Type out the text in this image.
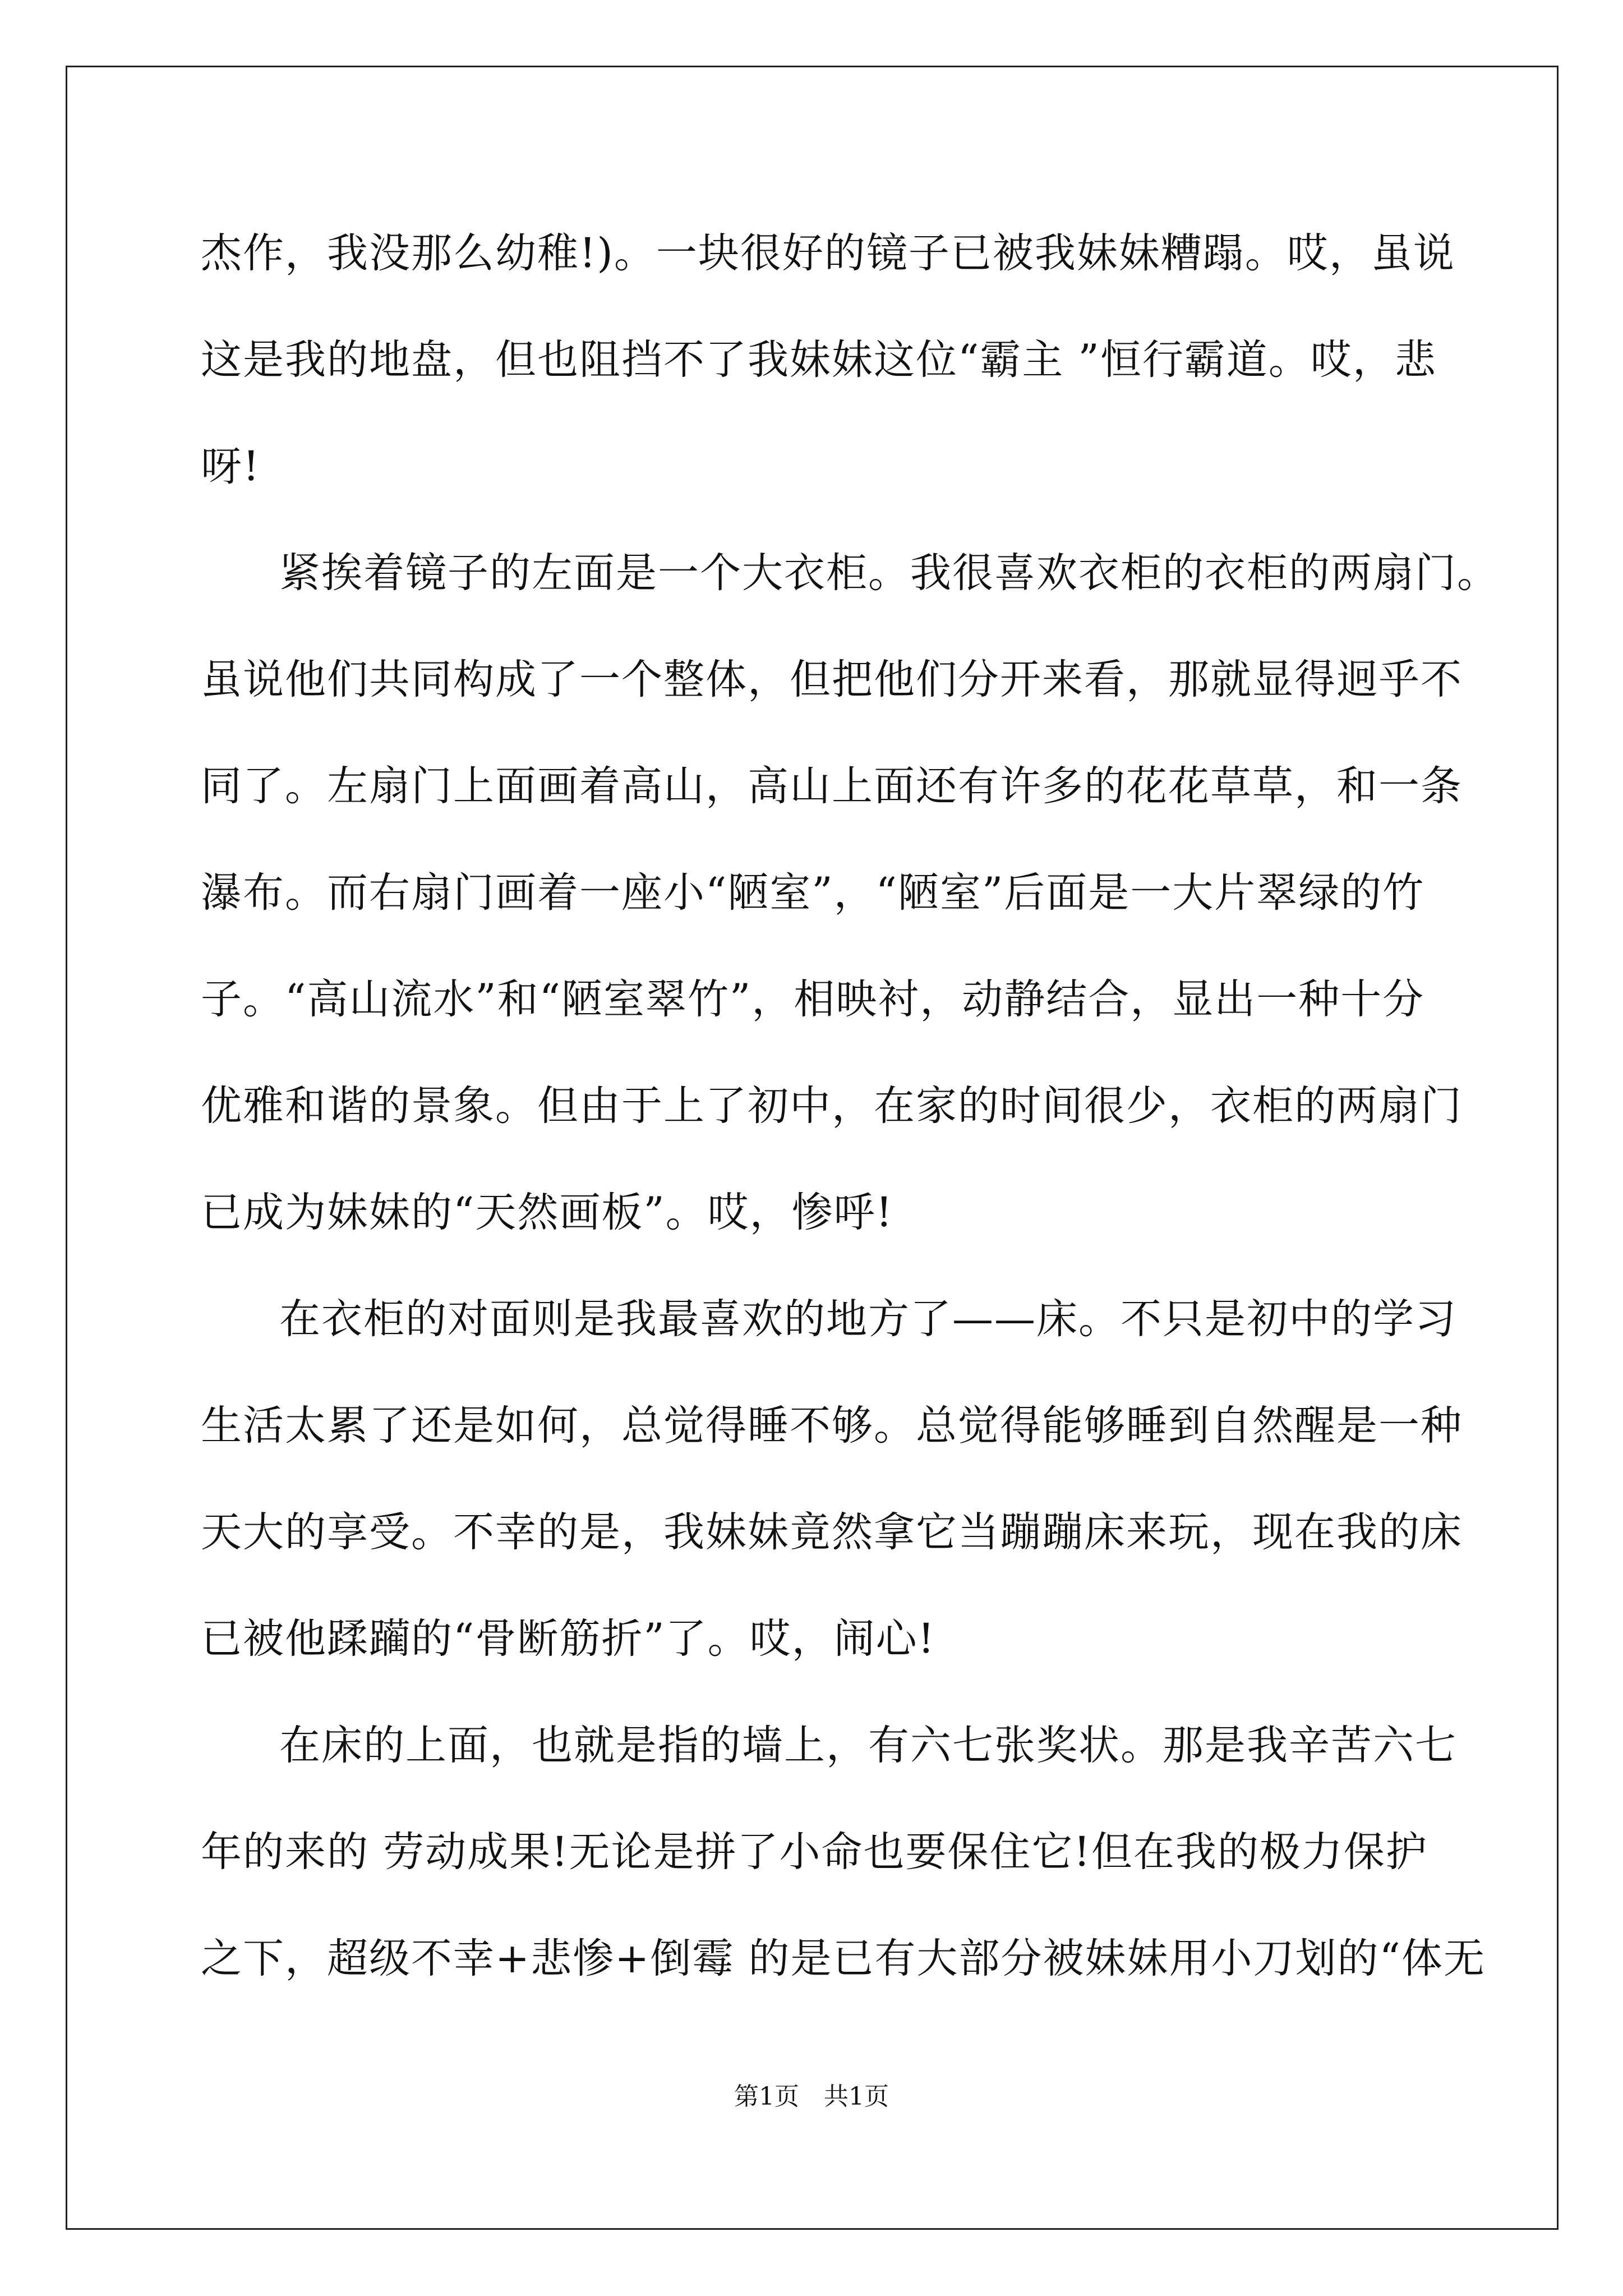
杰作，我没那么幼稚!)。一块很好的镜子已被我妹妹糟蹋。哎，虽说
这是我的地盘，但也阻挡不了我妹妹这位“霸主 ”恒行霸道。哎，悲
呀!
紧挨着镜子的左面是一个大衣柜。我很喜欢衣柜的衣柜的两扇门。
虽说他们共同构成了一个整体，但把他们分开来看，那就显得迥乎不
同了。左扇门上面画着高山，高山上面还有许多的花花草草，和一条
瀑布。而右扇门画着一座小“陋室”，“陋室”后面是一大片翠绿的竹
子。“高山流水”和“陋室翠竹”，相映衬，动静结合，显出一种十分
优雅和谐的景象。但由于上了初中，在家的时间很少，衣柜的两扇门
已成为妹妹的“天然画板”。哎，惨呼!
在衣柜的对面则是我最喜欢的地方了——床。不只是初中的学习
生活太累了还是如何，总觉得睡不够。总觉得能够睡到自然醒是一种
天大的享受。不幸的是，我妹妹竟然拿它当蹦蹦床来玩，现在我的床
已被他蹂躏的“骨断筋折”了。哎，闹心!
在床的上面，也就是指的墙上，有六七张奖状。那是我辛苦六七
年的来的 劳动成果!无论是拼了小命也要保住它!但在我的极力保护
之下，超级不幸+悲惨+倒霉 的是已有大部分被妹妹用小刀划的“体无
第1页　共1页
